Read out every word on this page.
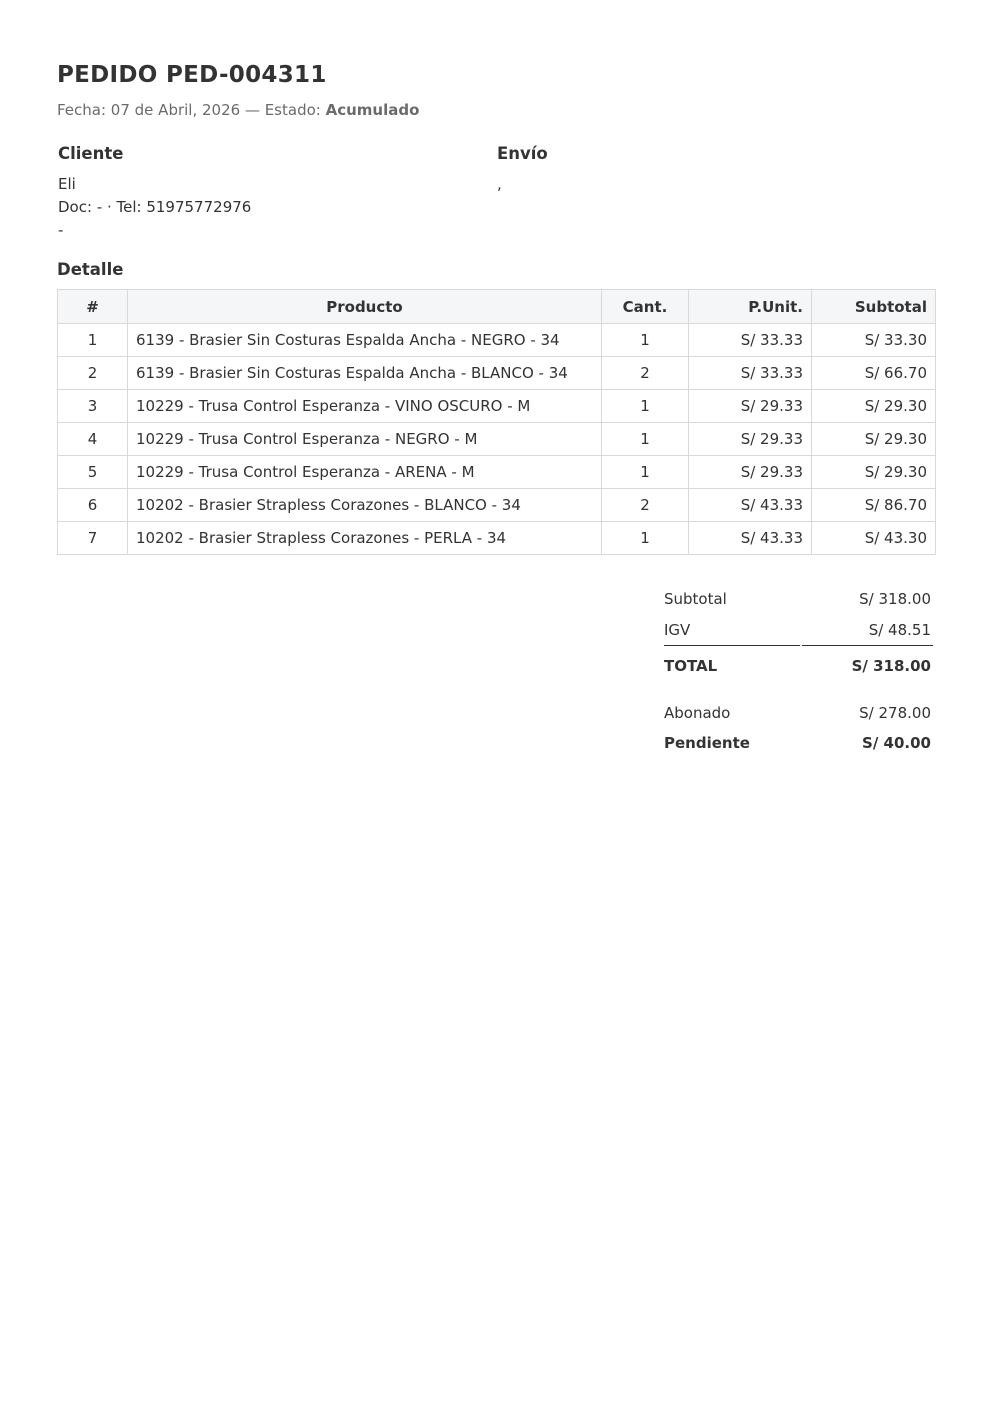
PEDIDO PED-004311
Fecha: 07 de Abril, 2026 — Estado: Acumulado
Cliente
Eli
Doc: - · Tel: 51975772976
-
Envío
,
Detalle
#	Producto	Cant.	P.Unit.	Subtotal
1	6139 - Brasier Sin Costuras Espalda Ancha - NEGRO - 34	1	S/ 33.33	S/ 33.30
2	6139 - Brasier Sin Costuras Espalda Ancha - BLANCO - 34	2	S/ 33.33	S/ 66.70
3	10229 - Trusa Control Esperanza - VINO OSCURO - M	1	S/ 29.33	S/ 29.30
4	10229 - Trusa Control Esperanza - NEGRO - M	1	S/ 29.33	S/ 29.30
5	10229 - Trusa Control Esperanza - ARENA - M	1	S/ 29.33	S/ 29.30
6	10202 - Brasier Strapless Corazones - BLANCO - 34	2	S/ 43.33	S/ 86.70
7	10202 - Brasier Strapless Corazones - PERLA - 34	1	S/ 43.33	S/ 43.30
Subtotal	S/ 318.00
IGV	S/ 48.51
TOTAL	S/ 318.00
Abonado	S/ 278.00
Pendiente	S/ 40.00
